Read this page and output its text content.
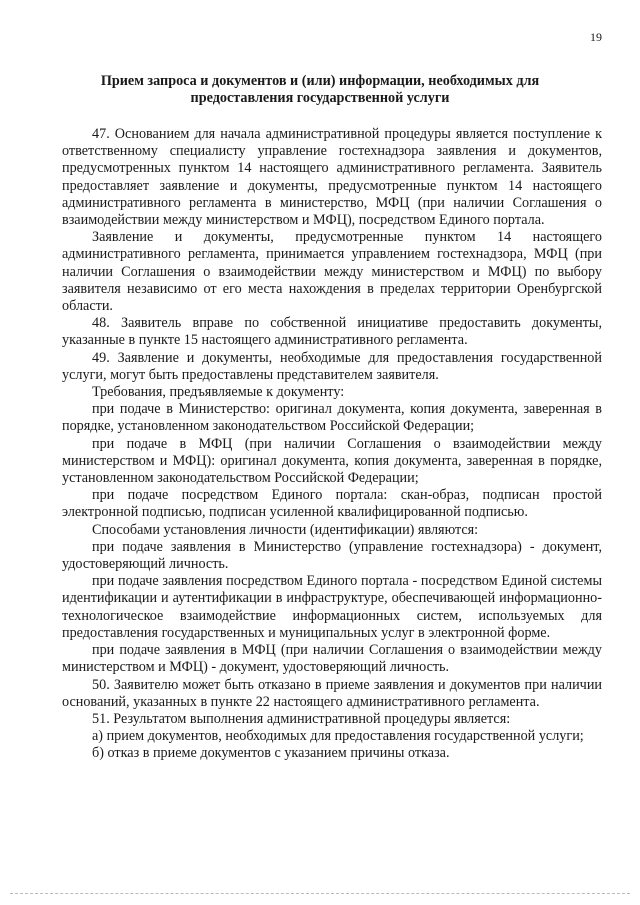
19
Прием запроса и документов и (или) информации, необходимых для предоставления государственной услуги

47. Основанием для начала административной процедуры является поступление к ответственному специалисту управление гостехнадзора заявления и документов, предусмотренных пунктом 14 настоящего административного регламента. Заявитель предоставляет заявление и документы, предусмотренные пунктом 14 настоящего административного регламента в министерство, МФЦ (при наличии Соглашения о взаимодействии между министерством и МФЦ), посредством Единого портала.

Заявление и документы, предусмотренные пунктом 14 настоящего административного регламента, принимается управлением гостехнадзора, МФЦ (при наличии Соглашения о взаимодействии между министерством и МФЦ) по выбору заявителя независимо от его места нахождения в пределах территории Оренбургской области.

48. Заявитель вправе по собственной инициативе предоставить документы, указанные в пункте 15 настоящего административного регламента.

49. Заявление и документы, необходимые для предоставления государственной услуги, могут быть предоставлены представителем заявителя.

Требования, предъявляемые к документу:

при подаче в Министерство: оригинал документа, копия документа, заверенная в порядке, установленном законодательством Российской Федерации;

при подаче в МФЦ (при наличии Соглашения о взаимодействии между министерством и МФЦ): оригинал документа, копия документа, заверенная в порядке, установленном законодательством Российской Федерации;

при подаче посредством Единого портала: скан-образ, подписан простой электронной подписью, подписан усиленной квалифицированной подписью.

Способами установления личности (идентификации) являются:

при подаче заявления в Министерство (управление гостехнадзора) - документ, удостоверяющий личность.

при подаче заявления посредством Единого портала - посредством Единой системы идентификации и аутентификации в инфраструктуре, обеспечивающей информационно-технологическое взаимодействие информационных систем, используемых для предоставления государственных и муниципальных услуг в электронной форме.

при подаче заявления в МФЦ (при наличии Соглашения о взаимодействии между министерством и МФЦ) - документ, удостоверяющий личность.

50. Заявителю может быть отказано в приеме заявления и документов при наличии оснований, указанных в пункте 22 настоящего административного регламента.

51. Результатом выполнения административной процедуры является:

а) прием документов, необходимых для предоставления государственной услуги;

б) отказ в приеме документов с указанием причины отказа.
